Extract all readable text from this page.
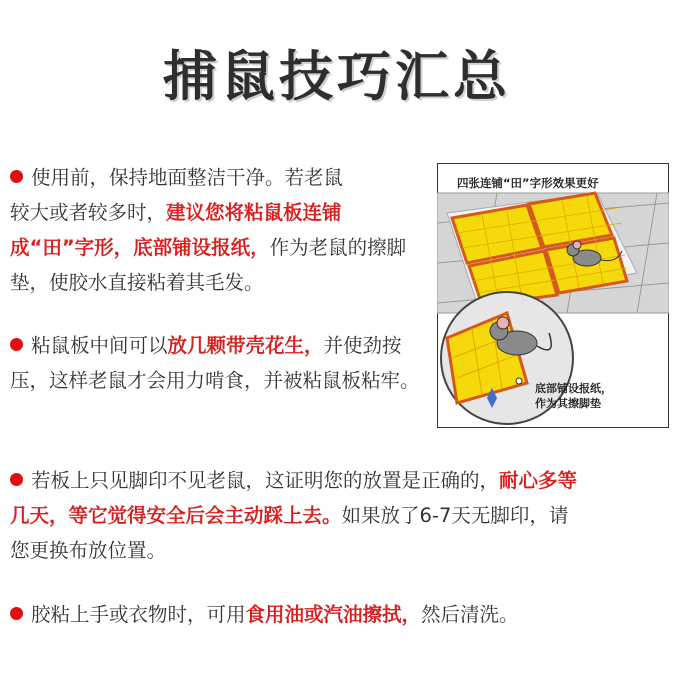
捕鼠技巧汇总
使用前，保持地面整洁干净。若老鼠
较大或者较多时，建议您将粘鼠板连铺成“田”字形，底部铺设报纸，作为老鼠的擦脚垫，使胶水直接粘着其毛发。
粘鼠板中间可以放几颗带壳花生，并使劲按压，这样老鼠才会用力啃食，并被粘鼠板粘牢。
若板上只见脚印不见老鼠，这证明您的放置是正确的，耐心多等
几天，等它觉得安全后会主动踩上去。如果放了6-7天无脚印，请
您更换布放位置。
胶粘上手或衣物时，可用食用油或汽油擦拭，然后清洗。
四张连铺“田”字形效果更好
底部铺设报纸，
作为其擦脚垫
